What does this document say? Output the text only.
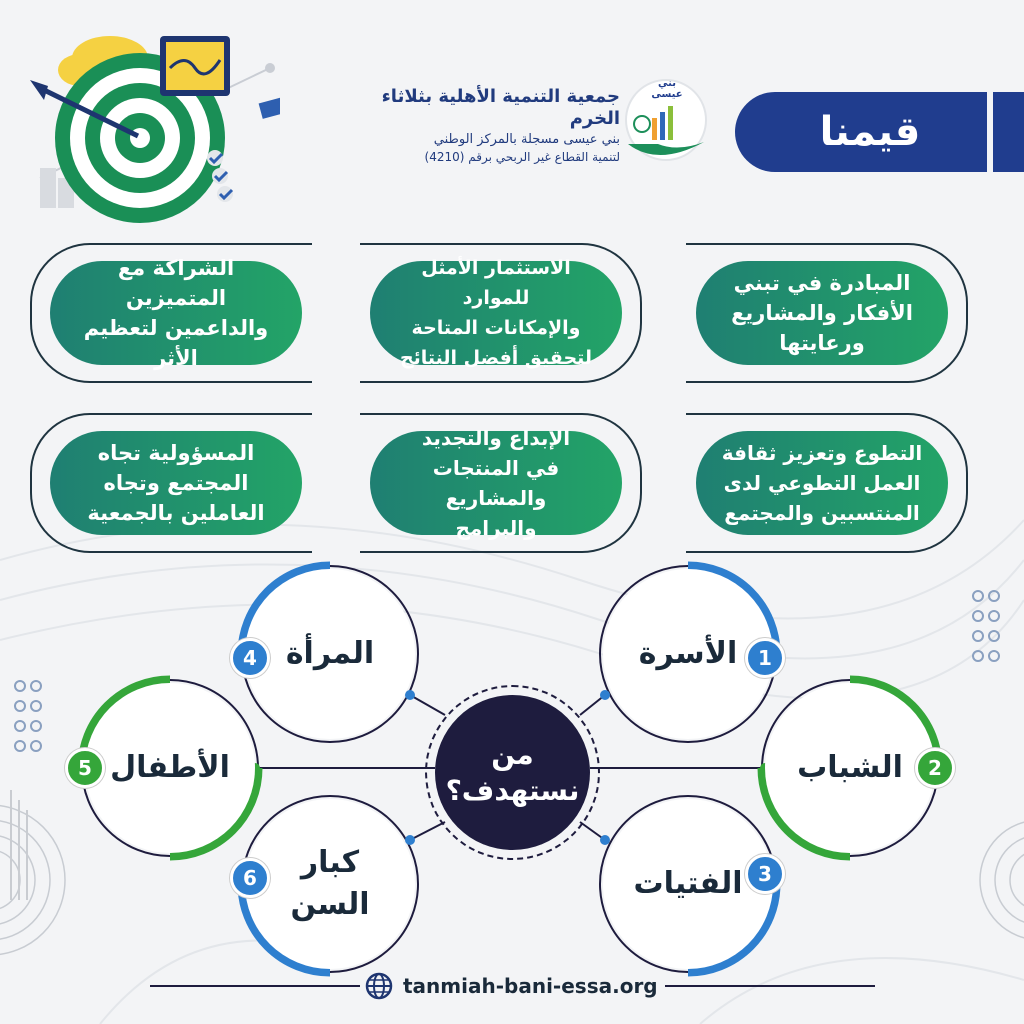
جمعية التنمية الأهلية بثلاثاء الخرم
بني عيسى مسجلة بالمركز الوطني
لتنمية القطاع غير الربحي برقم (4210)
بني عيسى
قيمنا
المبادرة في تبني
الأفكار والمشاريع
ورعايتها
الاستثمار الأمثل للموارد
والإمكانات المتاحة
لتحقيق أفضل النتائج
الشراكة مع المتميزين
والداعمين لتعظيم الأثر
التطوع وتعزيز ثقافة
العمل التطوعي لدى
المنتسبين والمجتمع
الإبداع والتجديد
في المنتجات والمشاريع
والبرامج
المسؤولية تجاه
المجتمع وتجاه
العاملين بالجمعية
الأسرة
الشباب
الفتيات
المرأة
الأطفال
كبار
السن
1
2
3
4
5
6
من
نستهدف؟
tanmiah-bani-essa.org
